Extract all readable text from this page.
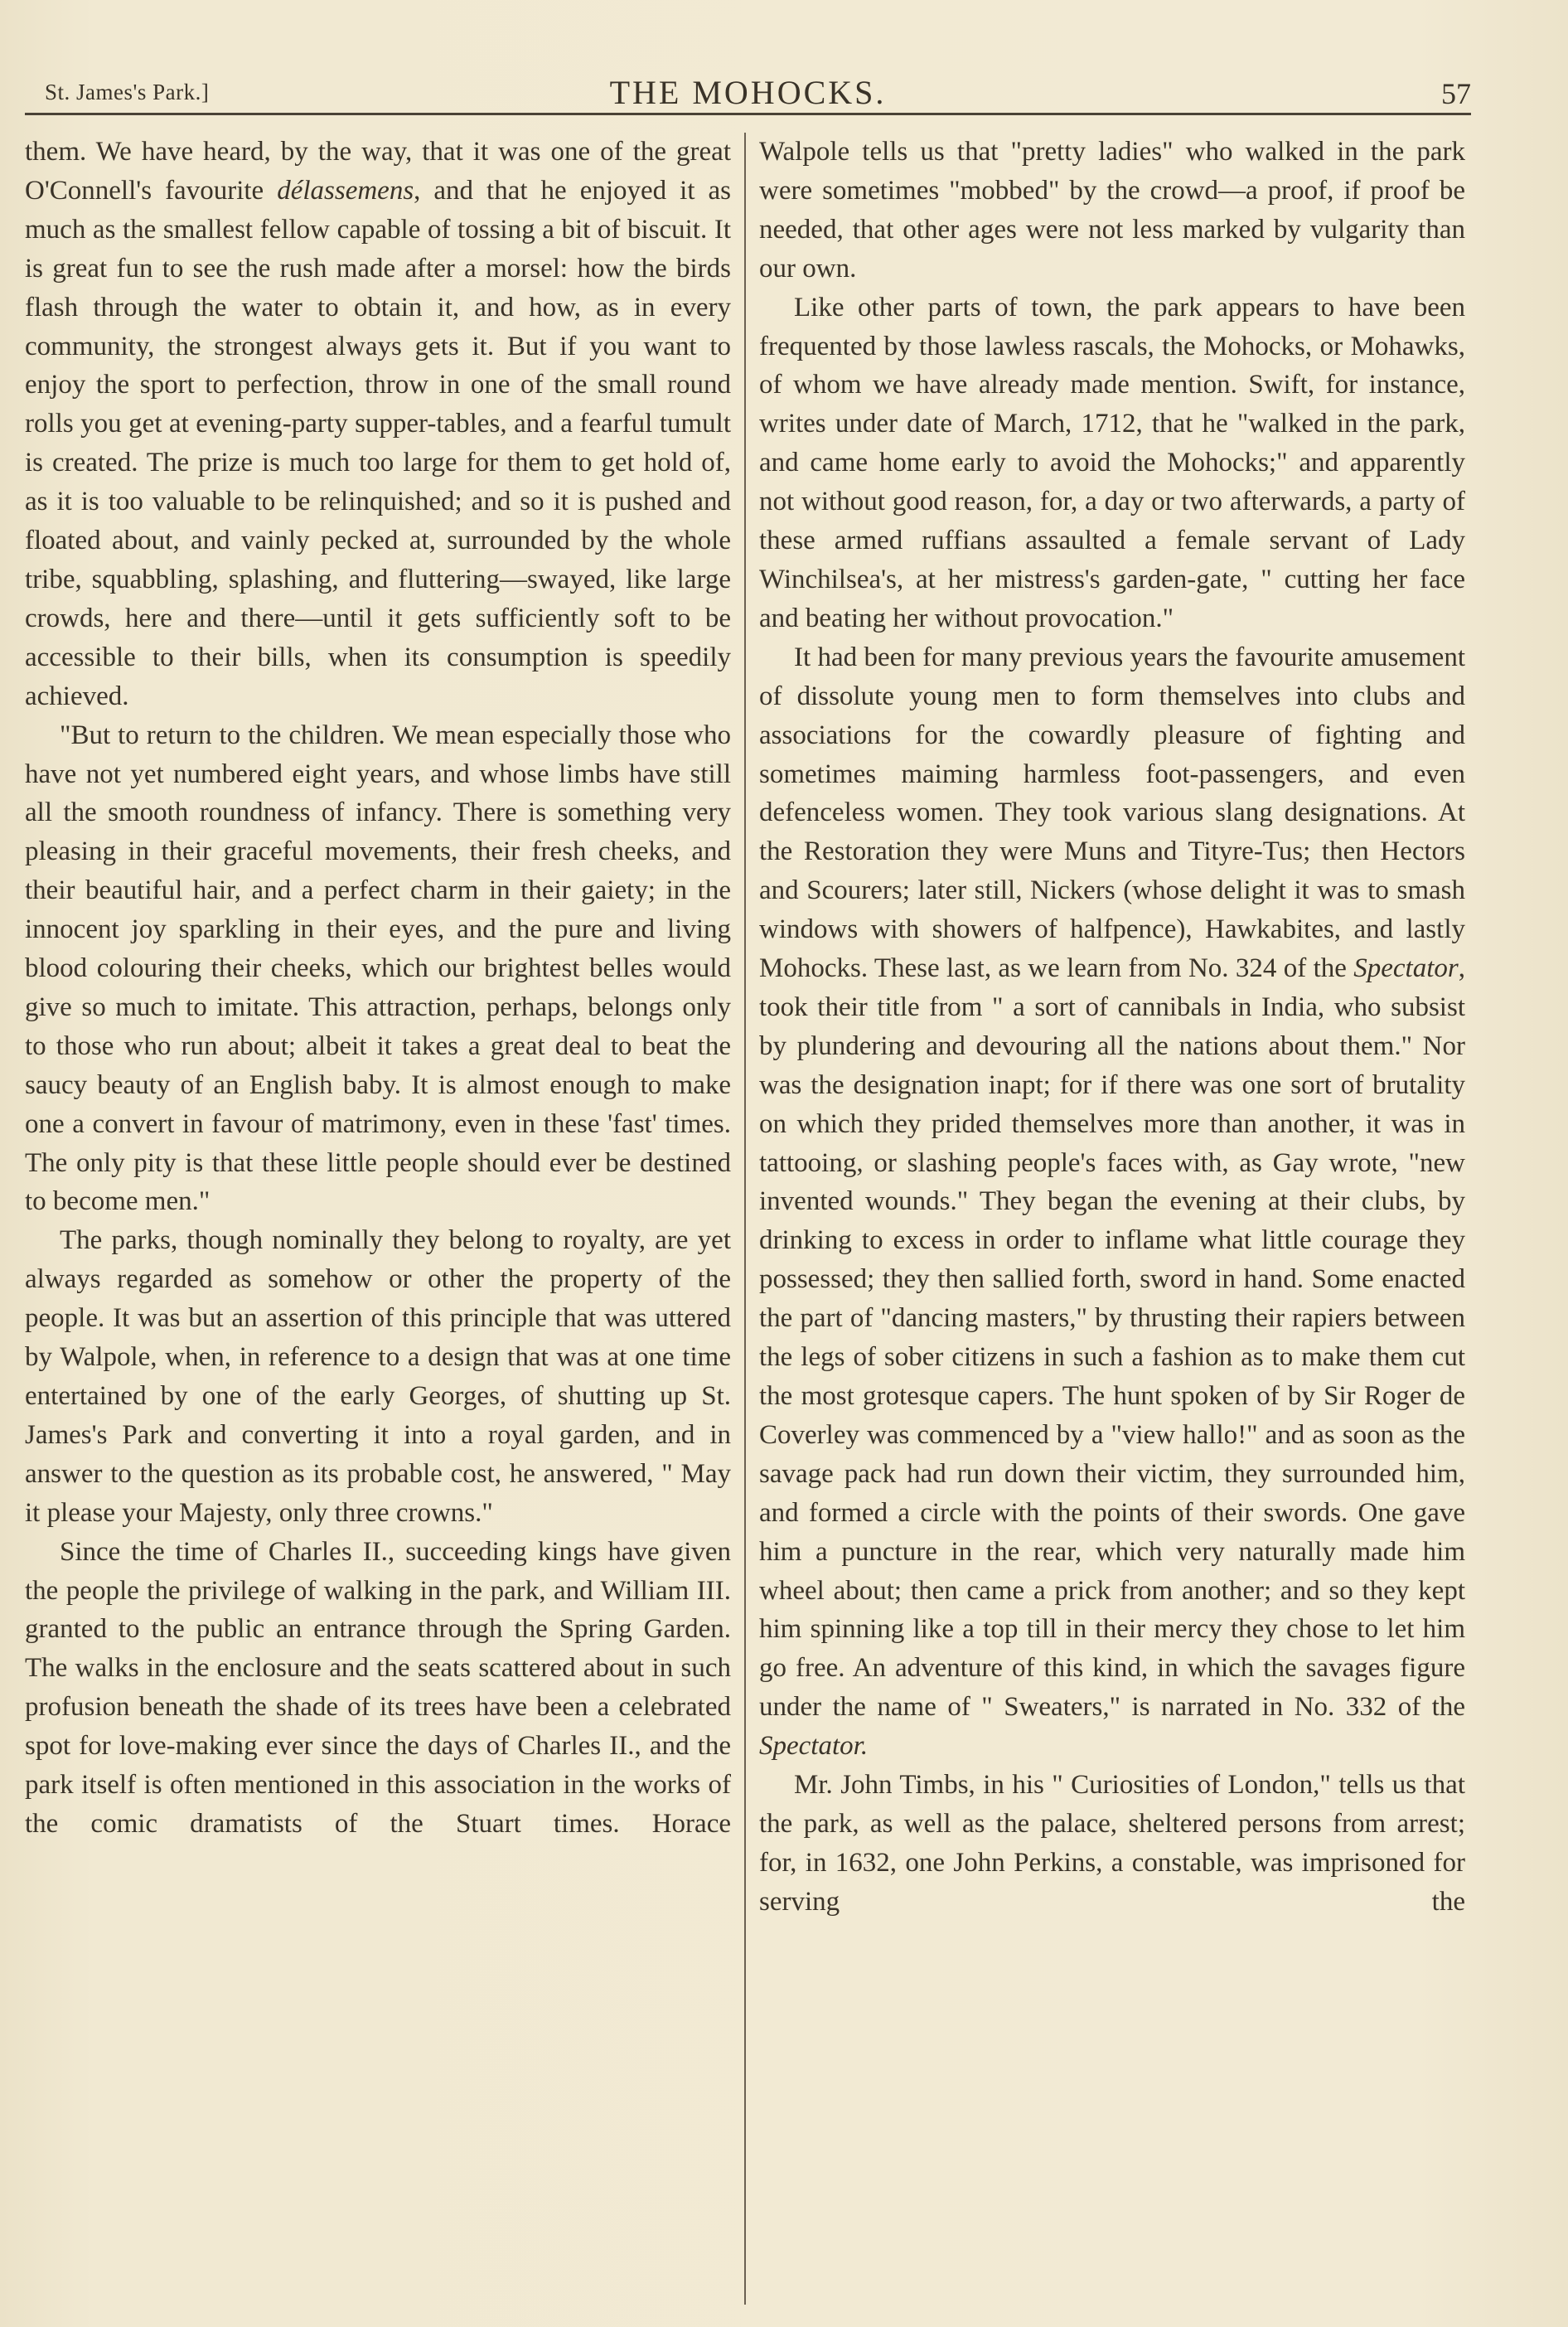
St. James's Park.]	THE MOHOCKS.	57

them. We have heard, by the way, that it was one of the great O'Connell's favourite délassemens, and that he enjoyed it as much as the smallest fellow capable of tossing a bit of biscuit. It is great fun to see the rush made after a morsel: how the birds flash through the water to obtain it, and how, as in every community, the strongest always gets it. But if you want to enjoy the sport to perfection, throw in one of the small round rolls you get at evening-party supper-tables, and a fearful tumult is created. The prize is much too large for them to get hold of, as it is too valuable to be relinquished; and so it is pushed and floated about, and vainly pecked at, surrounded by the whole tribe, squabbling, splashing, and fluttering—swayed, like large crowds, here and there—until it gets sufficiently soft to be accessible to their bills, when its consumption is speedily achieved.

"But to return to the children. We mean especially those who have not yet numbered eight years, and whose limbs have still all the smooth roundness of infancy. There is something very pleasing in their graceful movements, their fresh cheeks, and their beautiful hair, and a perfect charm in their gaiety; in the innocent joy sparkling in their eyes, and the pure and living blood colouring their cheeks, which our brightest belles would give so much to imitate. This attraction, perhaps, belongs only to those who run about; albeit it takes a great deal to beat the saucy beauty of an English baby. It is almost enough to make one a convert in favour of matrimony, even in these 'fast' times. The only pity is that these little people should ever be destined to become men."

The parks, though nominally they belong to royalty, are yet always regarded as somehow or other the property of the people. It was but an assertion of this principle that was uttered by Walpole, when, in reference to a design that was at one time entertained by one of the early Georges, of shutting up St. James's Park and converting it into a royal garden, and in answer to the question as its probable cost, he answered, " May it please your Majesty, only three crowns."

Since the time of Charles II., succeeding kings have given the people the privilege of walking in the park, and William III. granted to the public an entrance through the Spring Garden. The walks in the enclosure and the seats scattered about in such profusion beneath the shade of its trees have been a celebrated spot for love-making ever since the days of Charles II., and the park itself is often mentioned in this association in the works of the comic dramatists of the Stuart times. Horace

Walpole tells us that "pretty ladies" who walked in the park were sometimes "mobbed" by the crowd—a proof, if proof be needed, that other ages were not less marked by vulgarity than our own.

Like other parts of town, the park appears to have been frequented by those lawless rascals, the Mohocks, or Mohawks, of whom we have already made mention. Swift, for instance, writes under date of March, 1712, that he "walked in the park, and came home early to avoid the Mohocks;" and apparently not without good reason, for, a day or two afterwards, a party of these armed ruffians assaulted a female servant of Lady Winchilsea's, at her mistress's garden-gate, " cutting her face and beating her without provocation."

It had been for many previous years the favourite amusement of dissolute young men to form themselves into clubs and associations for the cowardly pleasure of fighting and sometimes maiming harmless foot-passengers, and even defenceless women. They took various slang designations. At the Restoration they were Muns and Tityre-Tus; then Hectors and Scourers; later still, Nickers (whose delight it was to smash windows with showers of halfpence), Hawkabites, and lastly Mohocks. These last, as we learn from No. 324 of the Spectator, took their title from " a sort of cannibals in India, who subsist by plundering and devouring all the nations about them." Nor was the designation inapt; for if there was one sort of brutality on which they prided themselves more than another, it was in tattooing, or slashing people's faces with, as Gay wrote, "new invented wounds." They began the evening at their clubs, by drinking to excess in order to inflame what little courage they possessed; they then sallied forth, sword in hand. Some enacted the part of "dancing masters," by thrusting their rapiers between the legs of sober citizens in such a fashion as to make them cut the most grotesque capers. The hunt spoken of by Sir Roger de Coverley was commenced by a "view hallo!" and as soon as the savage pack had run down their victim, they surrounded him, and formed a circle with the points of their swords. One gave him a puncture in the rear, which very naturally made him wheel about; then came a prick from another; and so they kept him spinning like a top till in their mercy they chose to let him go free. An adventure of this kind, in which the savages figure under the name of " Sweaters," is narrated in No. 332 of the Spectator.

Mr. John Timbs, in his " Curiosities of London," tells us that the park, as well as the palace, sheltered persons from arrest; for, in 1632, one John Perkins, a constable, was imprisoned for serving the
